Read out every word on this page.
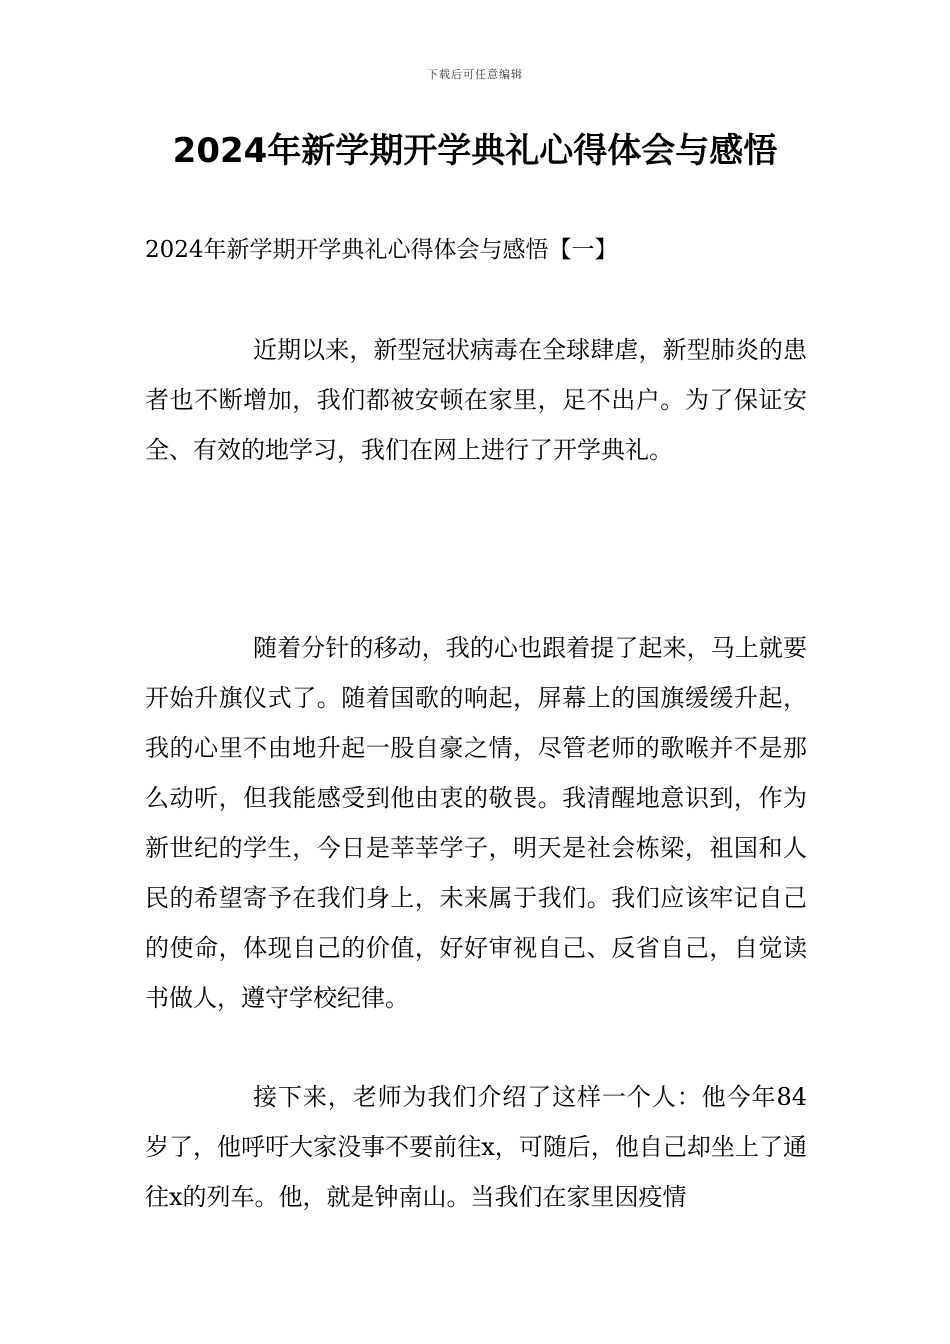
下载后可任意编辑
2024年新学期开学典礼心得体会与感悟

2024年新学期开学典礼心得体会与感悟【一】

近期以来，新型冠状病毒在全球肆虐，新型肺炎的患者也不断增加，我们都被安顿在家里，足不出户。为了保证安全、有效的地学习，我们在网上进行了开学典礼。

随着分针的移动，我的心也跟着提了起来，马上就要开始升旗仪式了。随着国歌的响起，屏幕上的国旗缓缓升起，我的心里不由地升起一股自豪之情，尽管老师的歌喉并不是那么动听，但我能感受到他由衷的敬畏。我清醒地意识到，作为新世纪的学生，今日是莘莘学子，明天是社会栋梁，祖国和人民的希望寄予在我们身上，未来属于我们。我们应该牢记自己的使命，体现自己的价值，好好审视自己、反省自己，自觉读书做人，遵守学校纪律。

接下来，老师为我们介绍了这样一个人：他今年84岁了，他呼吁大家没事不要前往x，可随后，他自己却坐上了通往x的列车。他，就是钟南山。当我们在家里因疫情
